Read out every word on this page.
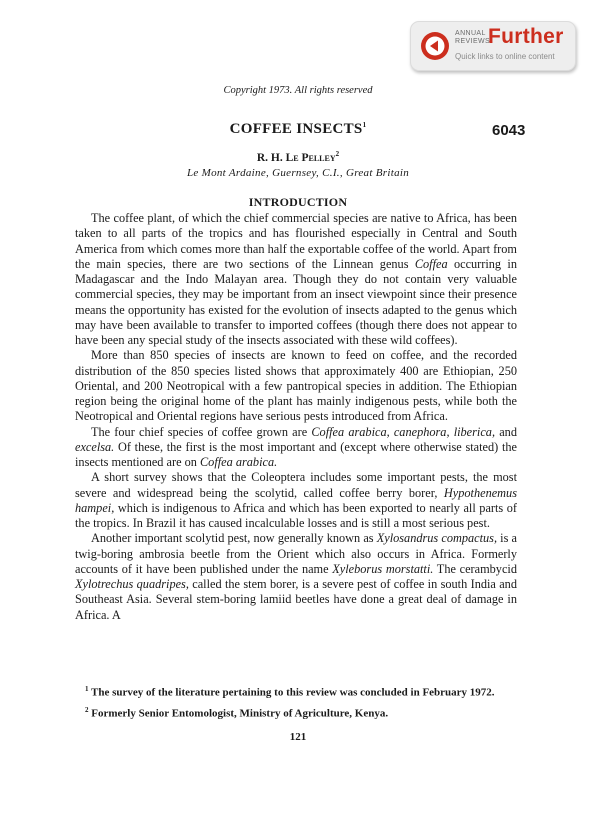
ANNUAL
REVIEWS
Further
Quick links to online content
Copyright 1973. All rights reserved
COFFEE INSECTS$^1$	6043
R. H. Le Pelley$^2$
Le Mont Ardaine, Guernsey, C.I., Great Britain
INTRODUCTION

The coffee plant, of which the chief commercial species are native to Africa, has been taken to all parts of the tropics and has flourished especially in Central and South America from which comes more than half the exportable coffee of the world. Apart from the main species, there are two sections of the Linnean genus Coffea occurring in Madagascar and the Indo Malayan area. Though they do not contain very valuable commercial species, they may be important from an insect viewpoint since their presence means the opportunity has existed for the evolution of insects adapted to the genus which may have been available to transfer to imported coffees (though there does not appear to have been any special study of the insects associated with these wild coffees).

More than 850 species of insects are known to feed on coffee, and the recorded distribution of the 850 species listed shows that approximately 400 are Ethiopian, 250 Oriental, and 200 Neotropical with a few pantropical species in addition. The Ethiopian region being the original home of the plant has mainly indigenous pests, while both the Neotropical and Oriental regions have serious pests introduced from Africa.

The four chief species of coffee grown are Coffea arabica, canephora, liberica, and excelsa. Of these, the first is the most important and (except where otherwise stated) the insects mentioned are on Coffea arabica.

A short survey shows that the Coleoptera includes some important pests, the most severe and widespread being the scolytid, called coffee berry borer, Hypothenemus hampei, which is indigenous to Africa and which has been exported to nearly all parts of the tropics. In Brazil it has caused incalculable losses and is still a most serious pest.

Another important scolytid pest, now generally known as Xylosandrus compactus, is a twig-boring ambrosia beetle from the Orient which also occurs in Africa. Formerly accounts of it have been published under the name Xyleborus morstatti. The cerambycid Xylotrechus quadripes, called the stem borer, is a severe pest of coffee in south India and Southeast Asia. Several stem-boring lamiid beetles have done a great deal of damage in Africa. A

$^1$ The survey of the literature pertaining to this review was concluded in February 1972.

$^2$ Formerly Senior Entomologist, Ministry of Agriculture, Kenya.

121
